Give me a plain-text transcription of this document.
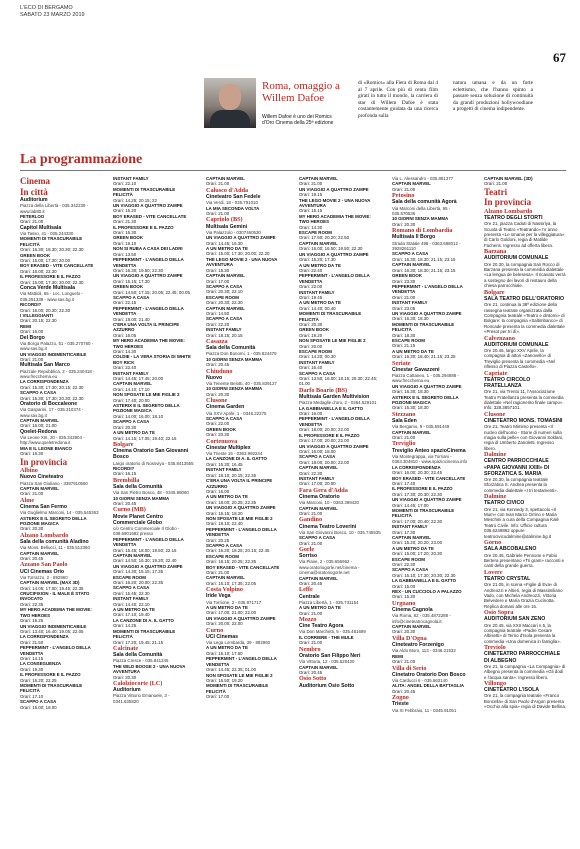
L'ECO DI BERGAMO
SABATO 23 MARZO 2019
67
Roma, omaggio a Willem Dafoe
Willem Dafoe è uno dei Romics d'Oro Cinema della 25ª edizione
di «Romics» alla Fiera di Roma dal 4 al 7 aprile. Con più di cento film girati in tutto il mondo, la carriera di star di Willem Dafoe è stata costantemente guidata da una ricerca profonda sulla
natura umana e da un forte eclettismo, che l'hanno spinto a passare senza soluzione di continuità da grandi produzioni hollywoodiane a progetti di cinema indipendente.
La programmazione

Cinema

In città

Auditorium

Piazza della Libertà - 035.342239 - www.lab80.it

PETERLOO

Orari: 21.00

Capitol Multisala

Via Tasso, 41 - 035.244330

MOMENTI DI TRASCURABILE FELICITÀ

Orari: 16.30; 18.30; 20.30; 22.30

GREEN BOOK

Orari: 15.00; 17.30; 20.00

BOY ERASED - VITE CANCELLATE

Orari: 16.00; 22.30

IL PROFESSORE E IL PAZZO

Orari: 15.00; 17.30; 20.00; 22.30

Conca Verde Multisala

Via Mattioli, 65 - Loc. Longuelo - 035.251339 - www.sas.bg.it

RICORDI?

Orari: 16.00; 20.30; 22.30

I VILLEGGIANTI

Orari: 20.15; 22.30

REMI

Orari: 16.00

Del Borgo

Via Borgo Palazzo, 51 - 035.270760 - www.sas.bg.it

UN VIAGGIO INDIMENTICABILE

Orari: 21.00

Multisala San Marco

Piazzale Repubblica, 2 - 035.240418 - www.frecchema.eu

LA CORRISPONDENZA

Orari: 15.30; 17.30; 20.15; 22.30

SCAPPO A CASA

Orari: 15.30; 17.30; 20.30; 22.30

Oratorio di Boccaleone

Via Gasparini, 17 - 035.310374 - www.sas.bg.it

CAPTAIN MARVEL

Orari: 16.00; 21.00

Qoelet-Redona

Via Leone XIII, 20 - 035.343904 - http://www.qoeletredona.it

MIA E IL LEONE BIANCO

Orari: 16.30

In provincia

Albino

Nuovo Cineteatro

Piazza San Giuliano - 3387910560

CAPTAIN MARVEL

Orari: 21.00

Alme

Cinema San Fermo

Via Guglielmo Marconi, 14 - 035.545363

ASTERIX E IL SEGRETO DELLA POZIONE MAGICA

Orari: 20.30

Alzano Lombardo

Sala della comunità Aladino

Via Mons. Bellucci, 11 - 035.512360

CAPTAIN MARVEL

Orari: 20.45

Azzano San Paolo

UCI Cinemas Orio

Via Torrazzo, 2 - 892960

CAPTAIN MARVEL (MAX 3D)

Orari: 14.05; 17.00; 19.45; 22.35

CRUCIFIXION - IL MALE È STATO INVOCATO

Orari: 22.35

MY HERO ACADEMIA THE MOVIE: TWO HEROES

Orari: 16.25

UN VIAGGIO INDIMENTICABILE

Orari: 13.40; 16.40; 19.05; 22.05

LA CORRISPONDENZA

Orari: 21.50

PEPPERMINT - L'ANGELO DELLA VENDETTA

Orari: 14.15

LA CONSEGUENZA

Orari: 19.30

IL PROFESSORE E IL PAZZO

Orari: 16.20; 22.25

MOMENTI DI TRASCURABILE FELICITÀ

Orari: 17.10

SCAPPO A CASA

Orari: 15.00; 18.00

INSTANT FAMILY

Orari: 22.10

MOMENTI DI TRASCURABILE FELICITÀ

Orari: 14.25; 20.15; 22

UN VIAGGIO A QUATTRO ZAMPE

Orari: 15.20

BOY ERASED - VITE CANCELLATE

Orari: 21.30

IL PROFESSORE E IL PAZZO

Orari: 16.30

GREEN BOOK

Orari: 19.10

NON SI RUBA A CASA DEI LADRI

Orari: 13.50

PEPPERMINT - L'ANGELO DELLA VENDETTA

Orari: 16.30; 19.50; 22.30

UN VIAGGIO A QUATTRO ZAMPE

Orari: 15.15; 17.30

GREEN BOOK

Orari: 14.50; 17.15; 20.05; 22.45; 00.05

SCAPPO A CASA

Orari: 22.15

PEPPERMINT - L'ANGELO DELLA VENDETTA

Orari: 19.00; 21.40

C'ERA UNA VOLTA IL PRINCIPE AZZURRO

Orari: 16.05

MY HERO ACADEMIA THE MOVIE: TWO HEROES

Orari: 14.30

COLDIE - LA VERA STORIA DI WHITE BOY RICK

Orari: 22.40

INSTANT FAMILY

Orari: 14.45; 17.45; 20.00

CAPTAIN MARVEL

Orari: 14.10; 17.10

NON SPOSATE LE MIE FIGLIE 2

Orari: 17.40; 20.00

ASTERIX E IL SEGRETO DELLA POZIONE MAGICA

Orari: 14.00; 16.00; 18.10

SCAPPO A CASA

Orari: 20.30

A UN METRO DA TE

Orari: 14.15; 17.05; 19.40; 22.15

Bolgare

Cinema Oratorio San Giovanni Bosco

Largo oratorio di Nossviya - 035.8413555

RICORDI?

Orari: 16.15

Brembilla

Sala della Comunità

Via San Pietro Bosco, 48 - 0345.98060

10 GIORNI SENZA MAMMA

Orari: 20.45

Curno (MB)

Movie Planet Centro Commerciale Globo

c/o Centro Commerciale Il Globo - 039.6901682 presso

PEPPERMINT - L'ANGELO DELLA VENDETTA

Orari: 15.45; 18.00; 19.50; 22.15

CAPTAIN MARVEL

Orari: 14.50; 16.30; 19.20; 22.40

UN VIAGGIO A QUATTRO ZAMPE

Orari: 14.30; 15.15; 17.35

ESCAPE ROOM

Orari: 16.20; 20.00; 22.35

SCAPPO A CASA

Orari: 15.45; 22.30

INSTANT FAMILY

Orari: 14.40; 22.10

A UN METRO DA TE

Orari: 17.10; 19.40

LA CANZONE DI A. IL GATTO

Orari: 14.25

MOMENTI DI TRASCURABILE FELICITÀ

Orari: 17.20; 19.45; 21.15

Calcinate

Sala della Comunità

Piazza Cresce - 035.841245

THE WILD BOOGE 2 - UNA NUOVA AVVENTURA

Orari: 20.30

Calolziocorte (LC)

Auditorium

Piazza Vittorio Emanuele, 3 - 0341.635820

CAPTAIN MARVEL

Orari: 21.00

Calusco d'Adda

Cineteatro San Fedele

Via Verdi, 18 - 035.791010

LA MIA SECONDA VOLTA

Orari: 21.00

Capriolo (BS)

Multisala Gemini

Via Palazzolo - 0307460530

UN VIAGGIO A QUATTRO ZAMPE

Orari: 14.45; 16.30

A UN METRO DA TE

Orari: 15.00; 17.30; 20.00; 22.20

THE LEGO MOVIE 2 - UNA NUOVA AVVENTURA

Orari: 15.30

CAPTAIN MARVEL

Orari: 17.00

SCAPPO A CASA

Orari: 20.30; 22.10

ESCAPE ROOM

Orari: 20.30; 22.30

CAPTAIN MARVEL

Orari: 14.50

SCAPPO A CASA

Orari: 22.20

INSTANT FAMILY

Orari: 18.15; 20.15

Casazza

Sala della Comunità

Piazza Don Bonomi, 1 - 035.824479

10 GIORNI SENZA MAMMA

Orari: 20.45

Chiuduno

Nuovo

Via Tenente Belotti, 40 - 035.839127

10 GIORNI SENZA MAMMA

Orari: 20.30

Clusone

Cinema Garden

Via XXV Aprile, 1 - 0346.22275

SCAPPO A CASA

Orari: 22.00

GREEN BOOK

Orari: 20.30

Cortenuova

Cinestar Multiplex

Via Trieste 15 - 0363.992244

LA CANZONE DI A. IL GATTO

Orari: 15.30; 16.45

INSTANT FAMILY

Orari: 18.10; 20.15; 22.35

C'ERA UNA VOLTA IL PRINCIPE AZZURRO

Orari: 16.00

A UN METRO DA TE

Orari: 18.00; 20.25; 22.35

UN VIAGGIO A QUATTRO ZAMPE

Orari: 16.15; 18.20

NON SPOSATE LE MIE FIGLIE 2

Orari: 18.10; 22.40

PEPPERMINT - L'ANGELO DELLA VENDETTA

Orari: 20.25

SCAPPO A CASA

Orari: 16.20; 18.25; 20.15; 22.45

ESCAPE ROOM

Orari: 18.15; 20.25; 22.35

BOY ERASED - VITE CANCELLATE

Orari: 21.00

CAPTAIN MARVEL

Orari: 15.10; 17.35; 22.05

Costa Volpino

Iride Vega

Via Torrione, 2 - 035.971717

A UN METRO DA TE

Orari: 17.00; 21.00; 22.00

UN VIAGGIO A QUATTRO ZAMPE

Orari: 20.00; 22.00

Curno

UCI Cinemas

Via Lega Lombarda, 39 - 892960

A UN METRO DA TE

Orari: 16.10; 17.50

PEPPERMINT - L'ANGELO DELLA VENDETTA

Orari: 14.45; 22.35; 01.00

NON SPOSATE LE MIE FIGLIE 2

Orari: 16.50; 19.20

MOMENTI DI TRASCURABILE FELICITÀ

Orari: 17.00

CAPTAIN MARVEL

Orari: 21.00

UN VIAGGIO A QUATTRO ZAMPE

Orari: 19.15

THE LEGO MOVIE 2 - UNA NUOVA AVVENTURA

Orari: 15.15

MY HERO ACADEMIA THE MOVIE: TWO HEROES

Orari: 14.30

ESCAPE ROOM

Orari: 17.50; 20.20; 22.50

CAPTAIN MARVEL

Orari: 16.00; 16.50; 19.50; 22.30

UN VIAGGIO A QUATTRO ZAMPE

Orari: 15.20; 17.30

A UN METRO DA TE

Orari: 22.40

PEPPERMINT - L'ANGELO DELLA VENDETTA

Orari: 22.00

INSTANT FAMILY

Orari: 19.45

A UN METRO DA TE

Orari: 14.40; 00.40

MOMENTI DI TRASCURABILE FELICITÀ

Orari: 20.30

GREEN BOOK

Orari: 19.20

NON SPOSATE LE MIE FIGLIE 2

Orari: 20.00

ESCAPE ROOM

Orari: 14.20; 00.30

INSTANT FAMILY

Orari: 16.40

SCAPPO A CASA

Orari: 13.50; 16.00; 18.15; 20.30; 22.45; 01.00

Darfo Boario (BS)

Multisala Garden Multivision

Piazza Medaglie d'oro, 2 - 0364.529101

LA GABBIANELLA E IL GATTO

Orari: 16.00

PEPPERMINT - L'ANGELO DELLA VENDETTA

Orari: 18.00; 20.00; 22.00

IL PROFESSORE E IL PAZZO

Orari: 17.00; 20.00; 22.00

UN VIAGGIO A QUATTRO ZAMPE

Orari: 16.00; 18.00

SCAPPO A CASA

Orari: 18.00; 20.00; 22.00

CAPTAIN MARVEL

Orari: 22.30

INSTANT FAMILY

Orari: 17.00; 20.00

Fara Gera d'Adda

Cinema Oratorio

Via Marconi, 10 - 0363.399420

CAPTAIN MARVEL

Orari: 21.00

Gandino

Cinema Teatro Loverini

Via San Giovanni Bosco, 10 - 035.745535

SCAPPO A CASA

Orari: 21.00

Gorle

Sorriso

Via Piave, 2 - 035.656962 - www.oratoriogorle.net/cinema - cinema@oratoriogorle.net

CAPTAIN MARVEL

Orari: 20.45

Leffe

Centrale

Piazza Libertà, 1 - 035.731154

A UN METRO DA TE

Orari: 21.00

Mozzo

Cine Teatro Agora

Via Don Marchetti, 5 - 035.461699

IL CORRIERE - THE MULE

Orari: 21.00

Nembro

Oratorio San Filippo Neri

Via Vittoria, 12 - 035.520420

CAPTAIN MARVEL

Orari: 20.45

Osio Sotto

Auditorium Osio Sotto

Via L. Alessandro - 035.881377

CAPTAIN MARVEL

Orari: 21.00

Petosino

Sala della comunità Agorà

Via Marconi della Libertà, 95 - 035.570536

10 GIORNI SENZA MAMMA

Orari: 20.30

Romano di Lombardia

Multisala Il Borgo

Strada Statale 498 - 0363.688012 - 3928261110

SCAPPO A CASA

Orari: 16.30; 18.30; 21.15; 23.15

CAPTAIN MARVEL

Orari: 16.30; 18.30; 21.15; 23.15

GREEN BOOK

Orari: 23.30

PEPPERMINT - L'ANGELO DELLA VENDETTA

Orari: 21.00

INSTANT FAMILY

Orari: 23.05

UN VIAGGIO A QUATTRO ZAMPE

Orari: 16.30; 18.30

MOMENTI DI TRASCURABILE FELICITÀ

Orari: 18.30

ESCAPE ROOM

Orari: 21.15

A UN METRO DA TE

Orari: 16.30; 18.40; 21.15; 23.25

Seriate

Cinestar Gavazzeni

Piazza Cattaneo, 1 - 035.294888 - www.frecchema.eu

UN VIAGGIO A QUATTRO ZAMPE

Orari: 16.30; 18.30

ASTERIX E IL SEGRETO DELLA POZIONE MAGICA

Orari: 16.30; 18.30

Stezzano

Sala Eden

Via Bergamo, 9 - 035.591449

CAPTAIN MARVEL

Orari: 21.00

Treviglio

Treviglio Anteo spazioCinema

Via Montegrappa, via Torriani - 0363.304810 - www.spaziocinema.info

LA CORRISPONDENZA

Orari: 16.00; 20.30; 22.45

BOY ERASED - VITE CANCELLATE

Orari: 17.40

IL PROFESSORE E IL PAZZO

Orari: 17.30; 20.30; 22.30

UN VIAGGIO A QUATTRO ZAMPE

Orari: 14.45; 17.00

MOMENTI DI TRASCURABILE FELICITÀ

Orari: 17.00; 20.40; 22.30

INSTANT FAMILY

Orari: 17.30

CAPTAIN MARVEL

Orari: 15.20; 20.20; 23.00

A UN METRO DA TE

Orari: 15.00; 17.20; 20.30

ESCAPE ROOM

Orari: 22.30

SCAPPO A CASA

Orari: 15.10; 17.30; 20.30; 22.30

LA GABBIANELLA E IL GATTO

Orari: 15.00

REX - UN CUCCIOLO A PALAZZO

Orari: 15.30

Urgnano

Cinema Cagnola

Via Roma, 82 - 035.4872288 - info@cineteatrocagnola.it

CAPTAIN MARVEL

Orari: 20.30

Villa D'Ogna

Cineteatro Forzenigo

Via Aldo Moro, 113 - 0346.21532

REMI

Orari: 21.00

Villa di Serio

Cinetatro Oratorio Don Bosco

Via Carducci 6 - 035.663140

ALITA: ANGEL DELLA BATTAGLIA

Orari: 20.45

Zogno

Trieste

Via XI Febbraio, 11 - 0345.91051

CAPTAIN MARVEL (3D)

Orari: 21.00

Teatri

In provincia

Alzano Lombardo

TEATRO DEGLI STORTI

Ore 21, piazza Caduti di Nassiriya, la Scuola di Teatro «Teatrando» IV anno presenta «Le smanie per la villeggiatura» di Carlo Goldoni, regia di Matilde Facheris. Ingresso ad offerta libera.

Barzana

AUDITORIUM COMUNALE

Ore 20.30, la compagnia San Rocco di Barzana presenta la commedia dialettale «La lengua de belesesa». Il ricavato verrà a sostegno dei lavori di restauro della chiesa parrocchiale.

Bolgare

SALA TEATRO DELL'ORATORIO

Ore 21, continua la 38ª edizione della rassegna teatrale organizzata dalla Compagnia teatrale «Teatro e dintorni» di Bolgare: la compagnia «Saltimbanco» di Roncade presenta la commedia dialettale «Presot per tri dì».

Calvenzano

AUDITORIUM COMUNALE

Ore 20.45, largo XXV Aprile, la compagnia di attori «Zanovello» di Treviglio presenta la commedia «Nel riflesso di Piazza Castello».

Capriate

TEATRO CIRCOLO FRATELLANZA

Ore 21, via Trento 11, l'Associazione Teatro Fratellanza presenta la commedia dialettale «Nel ragionerito finale campo». Info: 328.3857101.

Clusone

CINETEATRO MONS. TOMASINI

Ore 21, Teatro Mimimo presenta «Il nucleo dell'uomo - Storie di numeri sulla magia sulla pelle» con Giovanni Soldani, regia di Umberto Zanoletti. Ingresso libero.

Dalmine

CENTRO PARROCCHIALE «PAPA GIOVANNI XXIII» DI SFORZATICA S. MARIA

Ore 20.30, la compagnia teatrale Sforzatica S. Andrea presenta la commedia dialettale «I tri testamenti».

Dalmine

TEATRO CIVICO

Ore 21, via Kennedy 3, spettacolo «Il Mum» con Ivan Marco Orrino e Maria Meschini a cura della Compagnia Kalè Teatro Civile. Info: Ufficio cultura 035.6249862 oppure teatrocivicodalmine@dalmine.bg.it

Gorno

SALA ABCOBALENO

Ore 20.45, Gabriele Pennone e Fabio Bertera presentano «Tri gram» racconti e canti della grande guerra.

Lovere

TEATRO CRYSTAL

Ore 21.05, in scena «Figlie di Eva» di Andreozzi e Altieri, regia di Massimiliano Vado, con Michela Andreozzi, Vittoria Belvedere e Maria Grazia Cucinotta. Replica domani alle ore 16.

Osio Sopra

AUDITORIUM SAN ZENO

Ore 20.45, via XXII Maccari n.5, la compagnia teatrale «Padre Cesare Albisetti» di Terno d'Isola presenta la commedia «Una domenica in famiglia».

Treviolo

CINETEATRO PARROCCHIALE DI ALBEGNO

Ore 21, la compagnia «La Compagnia» di Albegno presenta la commedia «Gli dodi e l'acqua santa». Ingresso libero.

Villongo

CINETEATRO L'ISOLA

Ore 21, la compagnia teatrale «Franco Boncella» di San Paolo d'Argon presenta «Occhio alla spia» regia di Davide Bellina.
